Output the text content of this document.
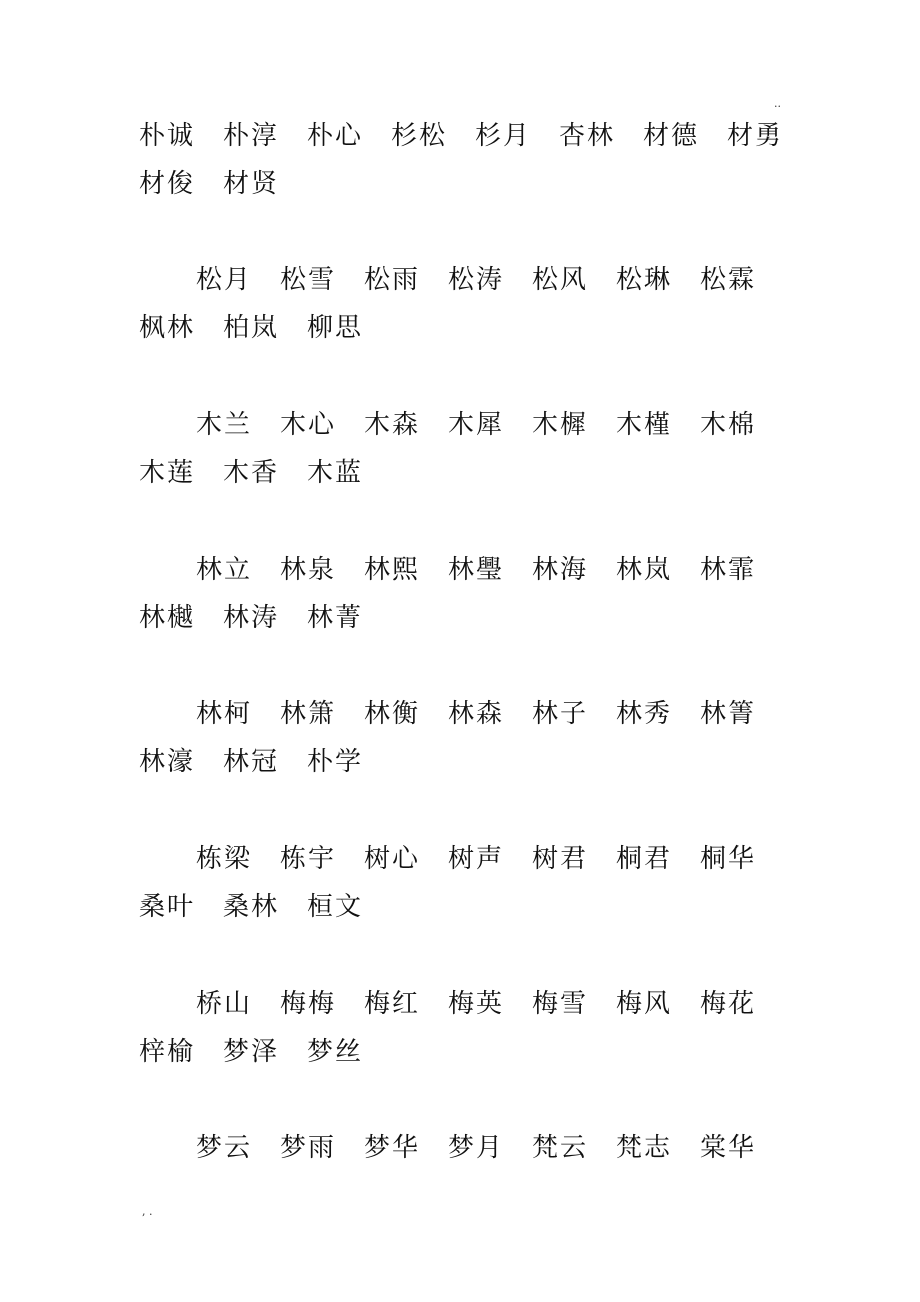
..
朴诚 朴淳 朴心 杉松 杉月 杏林 材德 材勇
材俊 材贤
松月 松雪 松雨 松涛 松风 松琳 松霖
枫林 柏岚 柳思
木兰 木心 木森 木犀 木樨 木槿 木棉
木莲 木香 木蓝
林立 林泉 林熙 林璺 林海 林岚 林霏
林樾 林涛 林菁
林柯 林箫 林衡 林森 林子 林秀 林箐
林濠 林冠 朴学
栋梁 栋宇 树心 树声 树君 桐君 桐华
桑叶 桑林 桓文
桥山 梅梅 梅红 梅英 梅雪 梅风 梅花
梓榆 梦泽 梦丝
梦云 梦雨 梦华 梦月 梵云 梵志 棠华
, .
